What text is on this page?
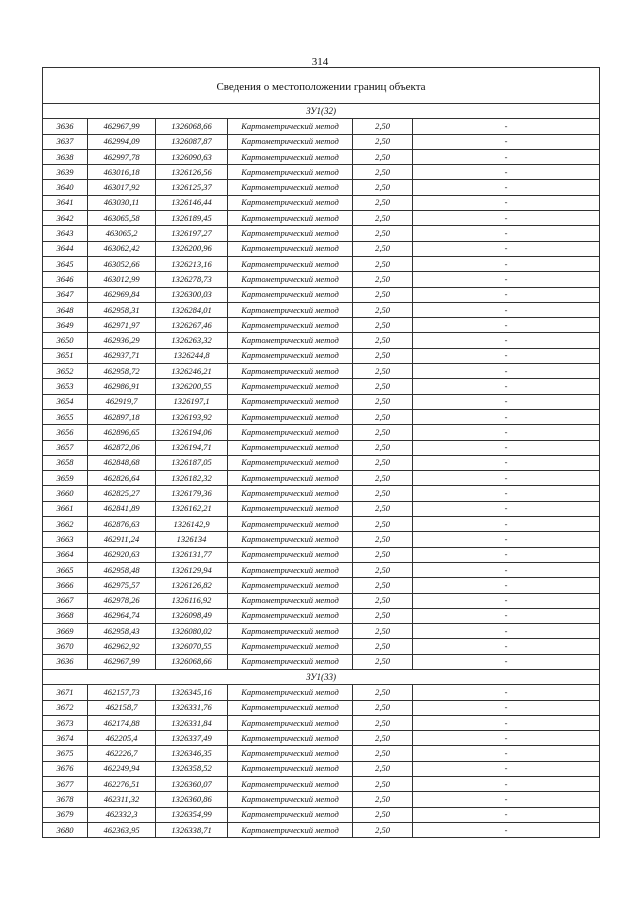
314
Сведения о местоположении границ объекта					
ЗУ1(32)					
3636	462967,99	1326068,66	Картометрический метод	2,50	-
3637	462994,09	1326087,87	Картометрический метод	2,50	-
3638	462997,78	1326090,63	Картометрический метод	2,50	-
3639	463016,18	1326126,56	Картометрический метод	2,50	-
3640	463017,92	1326125,37	Картометрический метод	2,50	-
3641	463030,11	1326146,44	Картометрический метод	2,50	-
3642	463065,58	1326189,45	Картометрический метод	2,50	-
3643	463065,2	1326197,27	Картометрический метод	2,50	-
3644	463062,42	1326200,96	Картометрический метод	2,50	-
3645	463052,66	1326213,16	Картометрический метод	2,50	-
3646	463012,99	1326278,73	Картометрический метод	2,50	-
3647	462969,84	1326300,03	Картометрический метод	2,50	-
3648	462958,31	1326284,01	Картометрический метод	2,50	-
3649	462971,97	1326267,46	Картометрический метод	2,50	-
3650	462936,29	1326263,32	Картометрический метод	2,50	-
3651	462937,71	1326244,8	Картометрический метод	2,50	-
3652	462958,72	1326246,21	Картометрический метод	2,50	-
3653	462986,91	1326200,55	Картометрический метод	2,50	-
3654	462919,7	1326197,1	Картометрический метод	2,50	-
3655	462897,18	1326193,92	Картометрический метод	2,50	-
3656	462896,65	1326194,06	Картометрический метод	2,50	-
3657	462872,06	1326194,71	Картометрический метод	2,50	-
3658	462848,68	1326187,05	Картометрический метод	2,50	-
3659	462826,64	1326182,32	Картометрический метод	2,50	-
3660	462825,27	1326179,36	Картометрический метод	2,50	-
3661	462841,89	1326162,21	Картометрический метод	2,50	-
3662	462876,63	1326142,9	Картометрический метод	2,50	-
3663	462911,24	1326134	Картометрический метод	2,50	-
3664	462920,63	1326131,77	Картометрический метод	2,50	-
3665	462958,48	1326129,94	Картометрический метод	2,50	-
3666	462975,57	1326126,82	Картометрический метод	2,50	-
3667	462978,26	1326116,92	Картометрический метод	2,50	-
3668	462964,74	1326098,49	Картометрический метод	2,50	-
3669	462958,43	1326080,02	Картометрический метод	2,50	-
3670	462962,92	1326070,55	Картометрический метод	2,50	-
3636	462967,99	1326068,66	Картометрический метод	2,50	-
ЗУ1(33)					
3671	462157,73	1326345,16	Картометрический метод	2,50	-
3672	462158,7	1326331,76	Картометрический метод	2,50	-
3673	462174,88	1326331,84	Картометрический метод	2,50	-
3674	462205,4	1326337,49	Картометрический метод	2,50	-
3675	462226,7	1326346,35	Картометрический метод	2,50	-
3676	462249,94	1326358,52	Картометрический метод	2,50	-
3677	462276,51	1326360,07	Картометрический метод	2,50	-
3678	462311,32	1326360,86	Картометрический метод	2,50	-
3679	462332,3	1326354,99	Картометрический метод	2,50	-
3680	462363,95	1326338,71	Картометрический метод	2,50	-
